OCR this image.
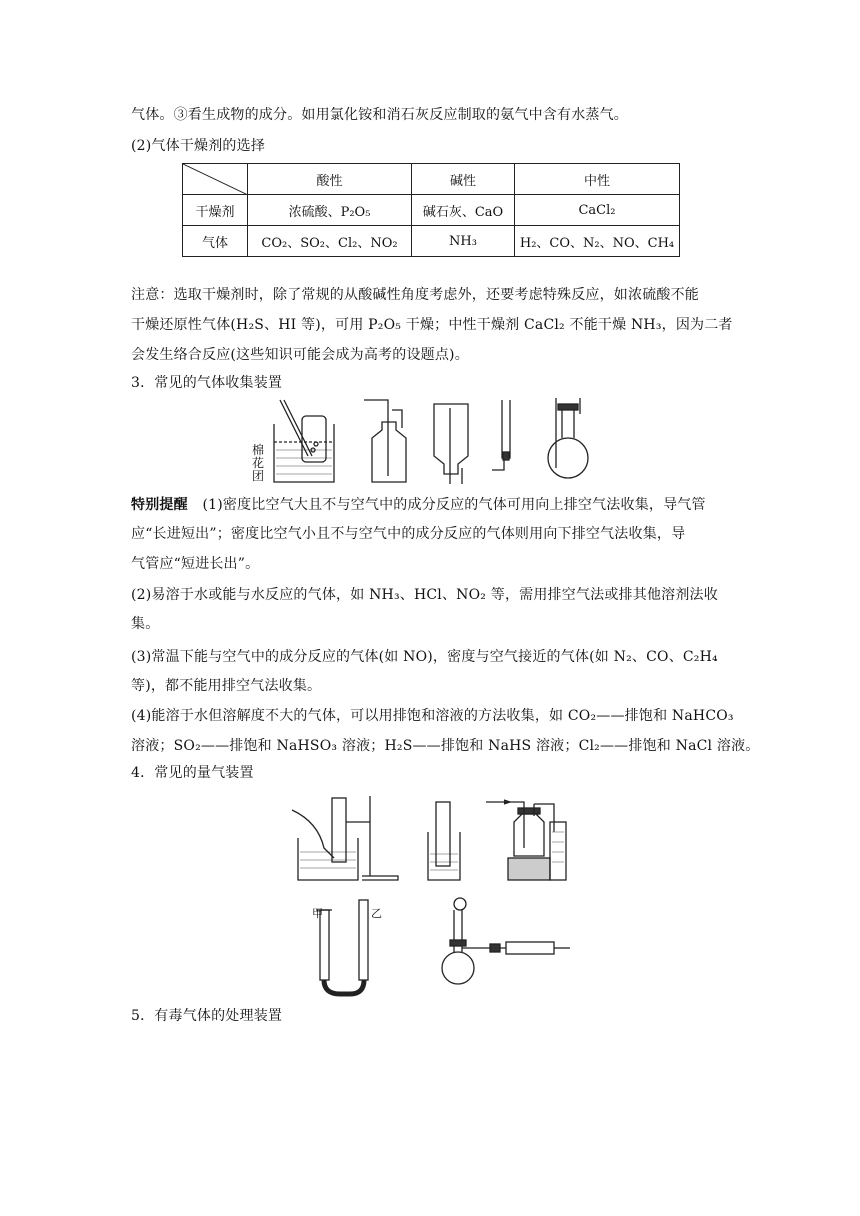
气体。③看生成物的成分。如用氯化铵和消石灰反应制取的氨气中含有水蒸气。
(2)气体干燥剂的选择
	酸性	碱性	中性
干燥剂	浓硫酸、P₂O₅	碱石灰、CaO	CaCl₂
气体	CO₂、SO₂、Cl₂、NO₂	NH₃	H₂、CO、N₂、NO、CH₄
注意：选取干燥剂时，除了常规的从酸碱性角度考虑外，还要考虑特殊反应，如浓硫酸不能
干燥还原性气体(H₂S、HI 等)，可用 P₂O₅ 干燥；中性干燥剂 CaCl₂ 不能干燥 NH₃，因为二者
会发生络合反应(这些知识可能会成为高考的设题点)。
3．常见的气体收集装置
棉
花
团
特别提醒 (1)密度比空气大且不与空气中的成分反应的气体可用向上排空气法收集，导气管
应“长进短出”；密度比空气小且不与空气中的成分反应的气体则用向下排空气法收集，导
气管应“短进长出”。
(2)易溶于水或能与水反应的气体，如 NH₃、HCl、NO₂ 等，需用排空气法或排其他溶剂法收
集。
(3)常温下能与空气中的成分反应的气体(如 NO)，密度与空气接近的气体(如 N₂、CO、C₂H₄
等)，都不能用排空气法收集。
(4)能溶于水但溶解度不大的气体，可以用排饱和溶液的方法收集，如 CO₂——排饱和 NaHCO₃
溶液；SO₂——排饱和 NaHSO₃ 溶液；H₂S——排饱和 NaHS 溶液；Cl₂——排饱和 NaCl 溶液。
4．常见的量气装置
甲	乙
5．有毒气体的处理装置
